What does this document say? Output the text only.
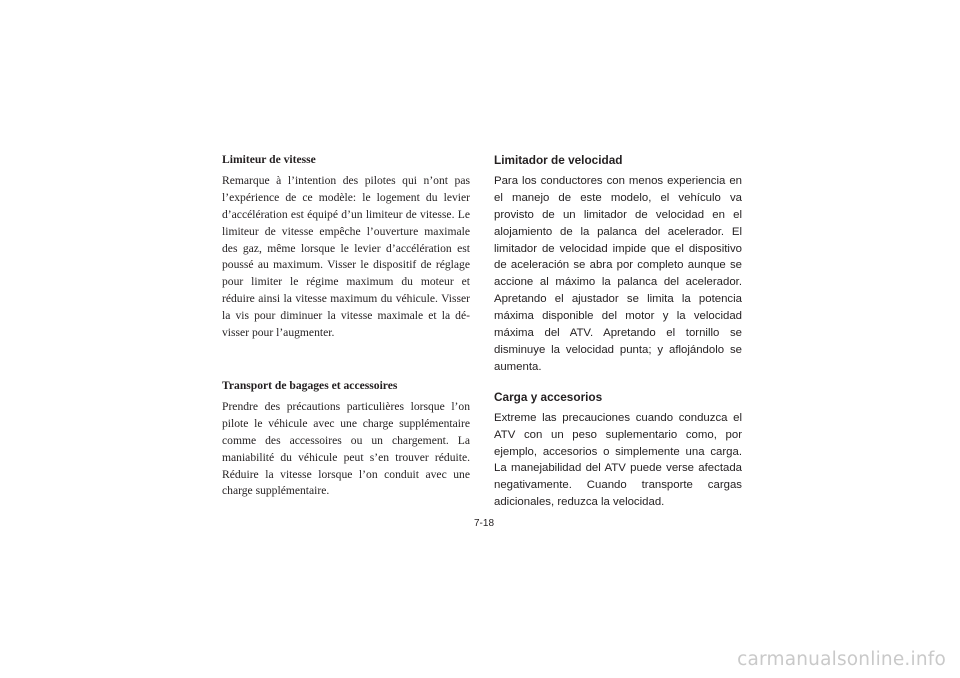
Limiteur de vitesse

Remarque à l’intention des pilotes qui n’ont pas l’expérience de ce modèle: le logement du levier d’accélération est équipé d’un limiteur de vitesse. Le limiteur de vitesse empêche l’ouverture maximale des gaz, même lorsque le levier d’accélération est poussé au maximum. Visser le dispositif de réglage pour limiter le régime maximum du moteur et réduire ainsi la vitesse maximum du véhicule. Visser la vis pour diminuer la vitesse maximale et la dévisser pour l’augmenter.

Transport de bagages et accessoires

Prendre des précautions particulières lorsque l’on pilote le véhicule avec une charge supplémentaire comme des accessoires ou un chargement. La maniabilité du véhicule peut s’en trouver réduite. Réduire la vitesse lorsque l’on conduit avec une charge supplémentaire.

Limitador de velocidad

Para los conductores con menos experiencia en el manejo de este modelo, el vehículo va provisto de un limitador de velocidad en el alojamiento de la palanca del acelerador. El limitador de velocidad impide que el dispositivo de aceleración se abra por completo aunque se accione al máximo la palanca del acelerador. Apretando el ajustador se limita la potencia máxima disponible del motor y la velocidad máxima del ATV. Apretando el tornillo se disminuye la velocidad punta; y aflojándolo se aumenta.

Carga y accesorios

Extreme las precauciones cuando conduzca el ATV con un peso suplementario como, por ejemplo, accesorios o simplemente una carga. La manejabilidad del ATV puede verse afectada negativamente. Cuando transporte cargas adicionales, reduzca la velocidad.

7-18
carmanualsonline.info
